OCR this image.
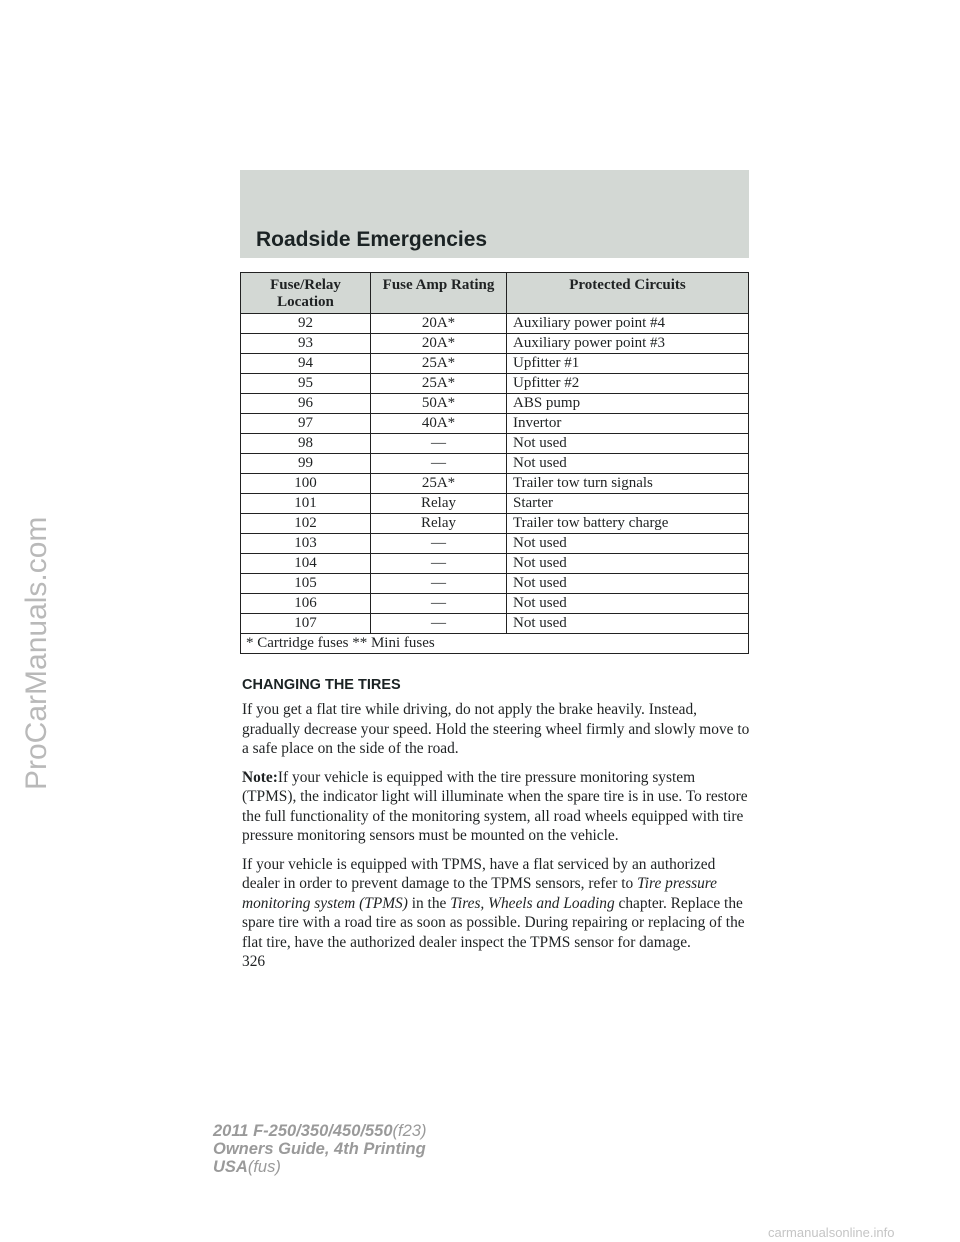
ProCarManuals.com
Roadside Emergencies
Fuse/Relay Location	Fuse Amp Rating	Protected Circuits
92	20A*	Auxiliary power point #4
93	20A*	Auxiliary power point #3
94	25A*	Upfitter #1
95	25A*	Upfitter #2
96	50A*	ABS pump
97	40A*	Invertor
98	—	Not used
99	—	Not used
100	25A*	Trailer tow turn signals
101	Relay	Starter
102	Relay	Trailer tow battery charge
103	—	Not used
104	—	Not used
105	—	Not used
106	—	Not used
107	—	Not used
* Cartridge fuses ** Mini fuses		
CHANGING THE TIRES

If you get a flat tire while driving, do not apply the brake heavily. Instead, gradually decrease your speed. Hold the steering wheel firmly and slowly move to a safe place on the side of the road.

Note:If your vehicle is equipped with the tire pressure monitoring system (TPMS), the indicator light will illuminate when the spare tire is in use. To restore the full functionality of the monitoring system, all road wheels equipped with tire pressure monitoring sensors must be mounted on the vehicle.

If your vehicle is equipped with TPMS, have a flat serviced by an authorized dealer in order to prevent damage to the TPMS sensors, refer to Tire pressure monitoring system (TPMS) in the Tires, Wheels and Loading chapter. Replace the spare tire with a road tire as soon as possible. During repairing or replacing of the flat tire, have the authorized dealer inspect the TPMS sensor for damage.

326
2011 F-250/350/450/550(f23)
Owners Guide, 4th Printing
USA(fus)
carmanualsonline.info
